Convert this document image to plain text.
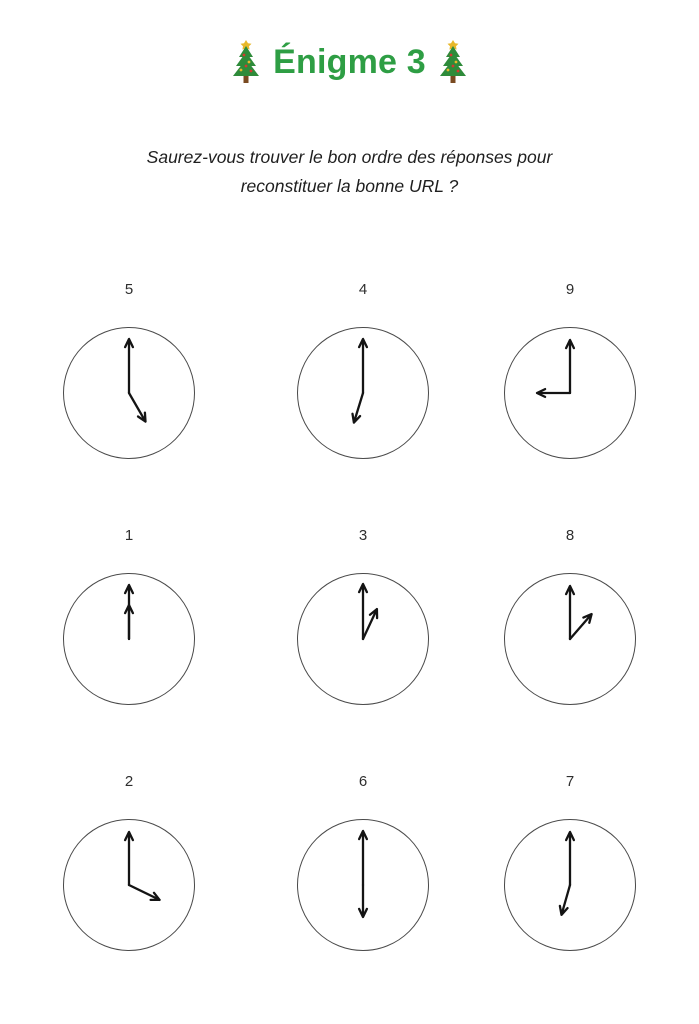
Énigme 3
Saurez-vous trouver le bon ordre des réponses pour
reconstituer la bonne URL ?
5	4	9
1	3	8
2	6	7
